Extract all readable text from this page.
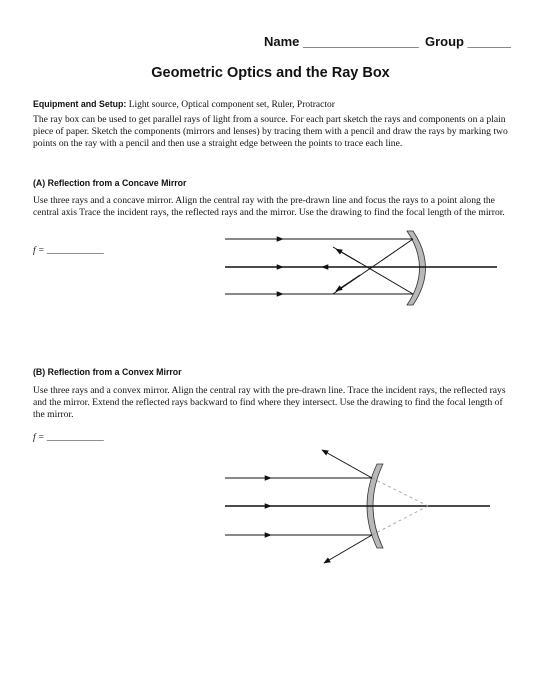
Name ________________ Group ______
Geometric Optics and the Ray Box
Equipment and Setup: Light source, Optical component set, Ruler, Protractor
The ray box can be used to get parallel rays of light from a source. For each part sketch the rays and components on a plain piece of paper. Sketch the components (mirrors and lenses) by tracing them with a pencil and draw the rays by marking two points on the ray with a pencil and then use a straight edge between the points to trace each line.
(A) Reflection from a Concave Mirror
Use three rays and a concave mirror. Align the central ray with the pre-drawn line and focus the rays to a point along the central axis Trace the incident rays, the reflected rays and the mirror. Use the drawing to find the focal length of the mirror.
f = ____________
(B) Reflection from a Convex Mirror
Use three rays and a convex mirror. Align the central ray with the pre-drawn line. Trace the incident rays, the reflected rays and the mirror. Extend the reflected rays backward to find where they intersect. Use the drawing to find the focal length of the mirror.
f = ____________
